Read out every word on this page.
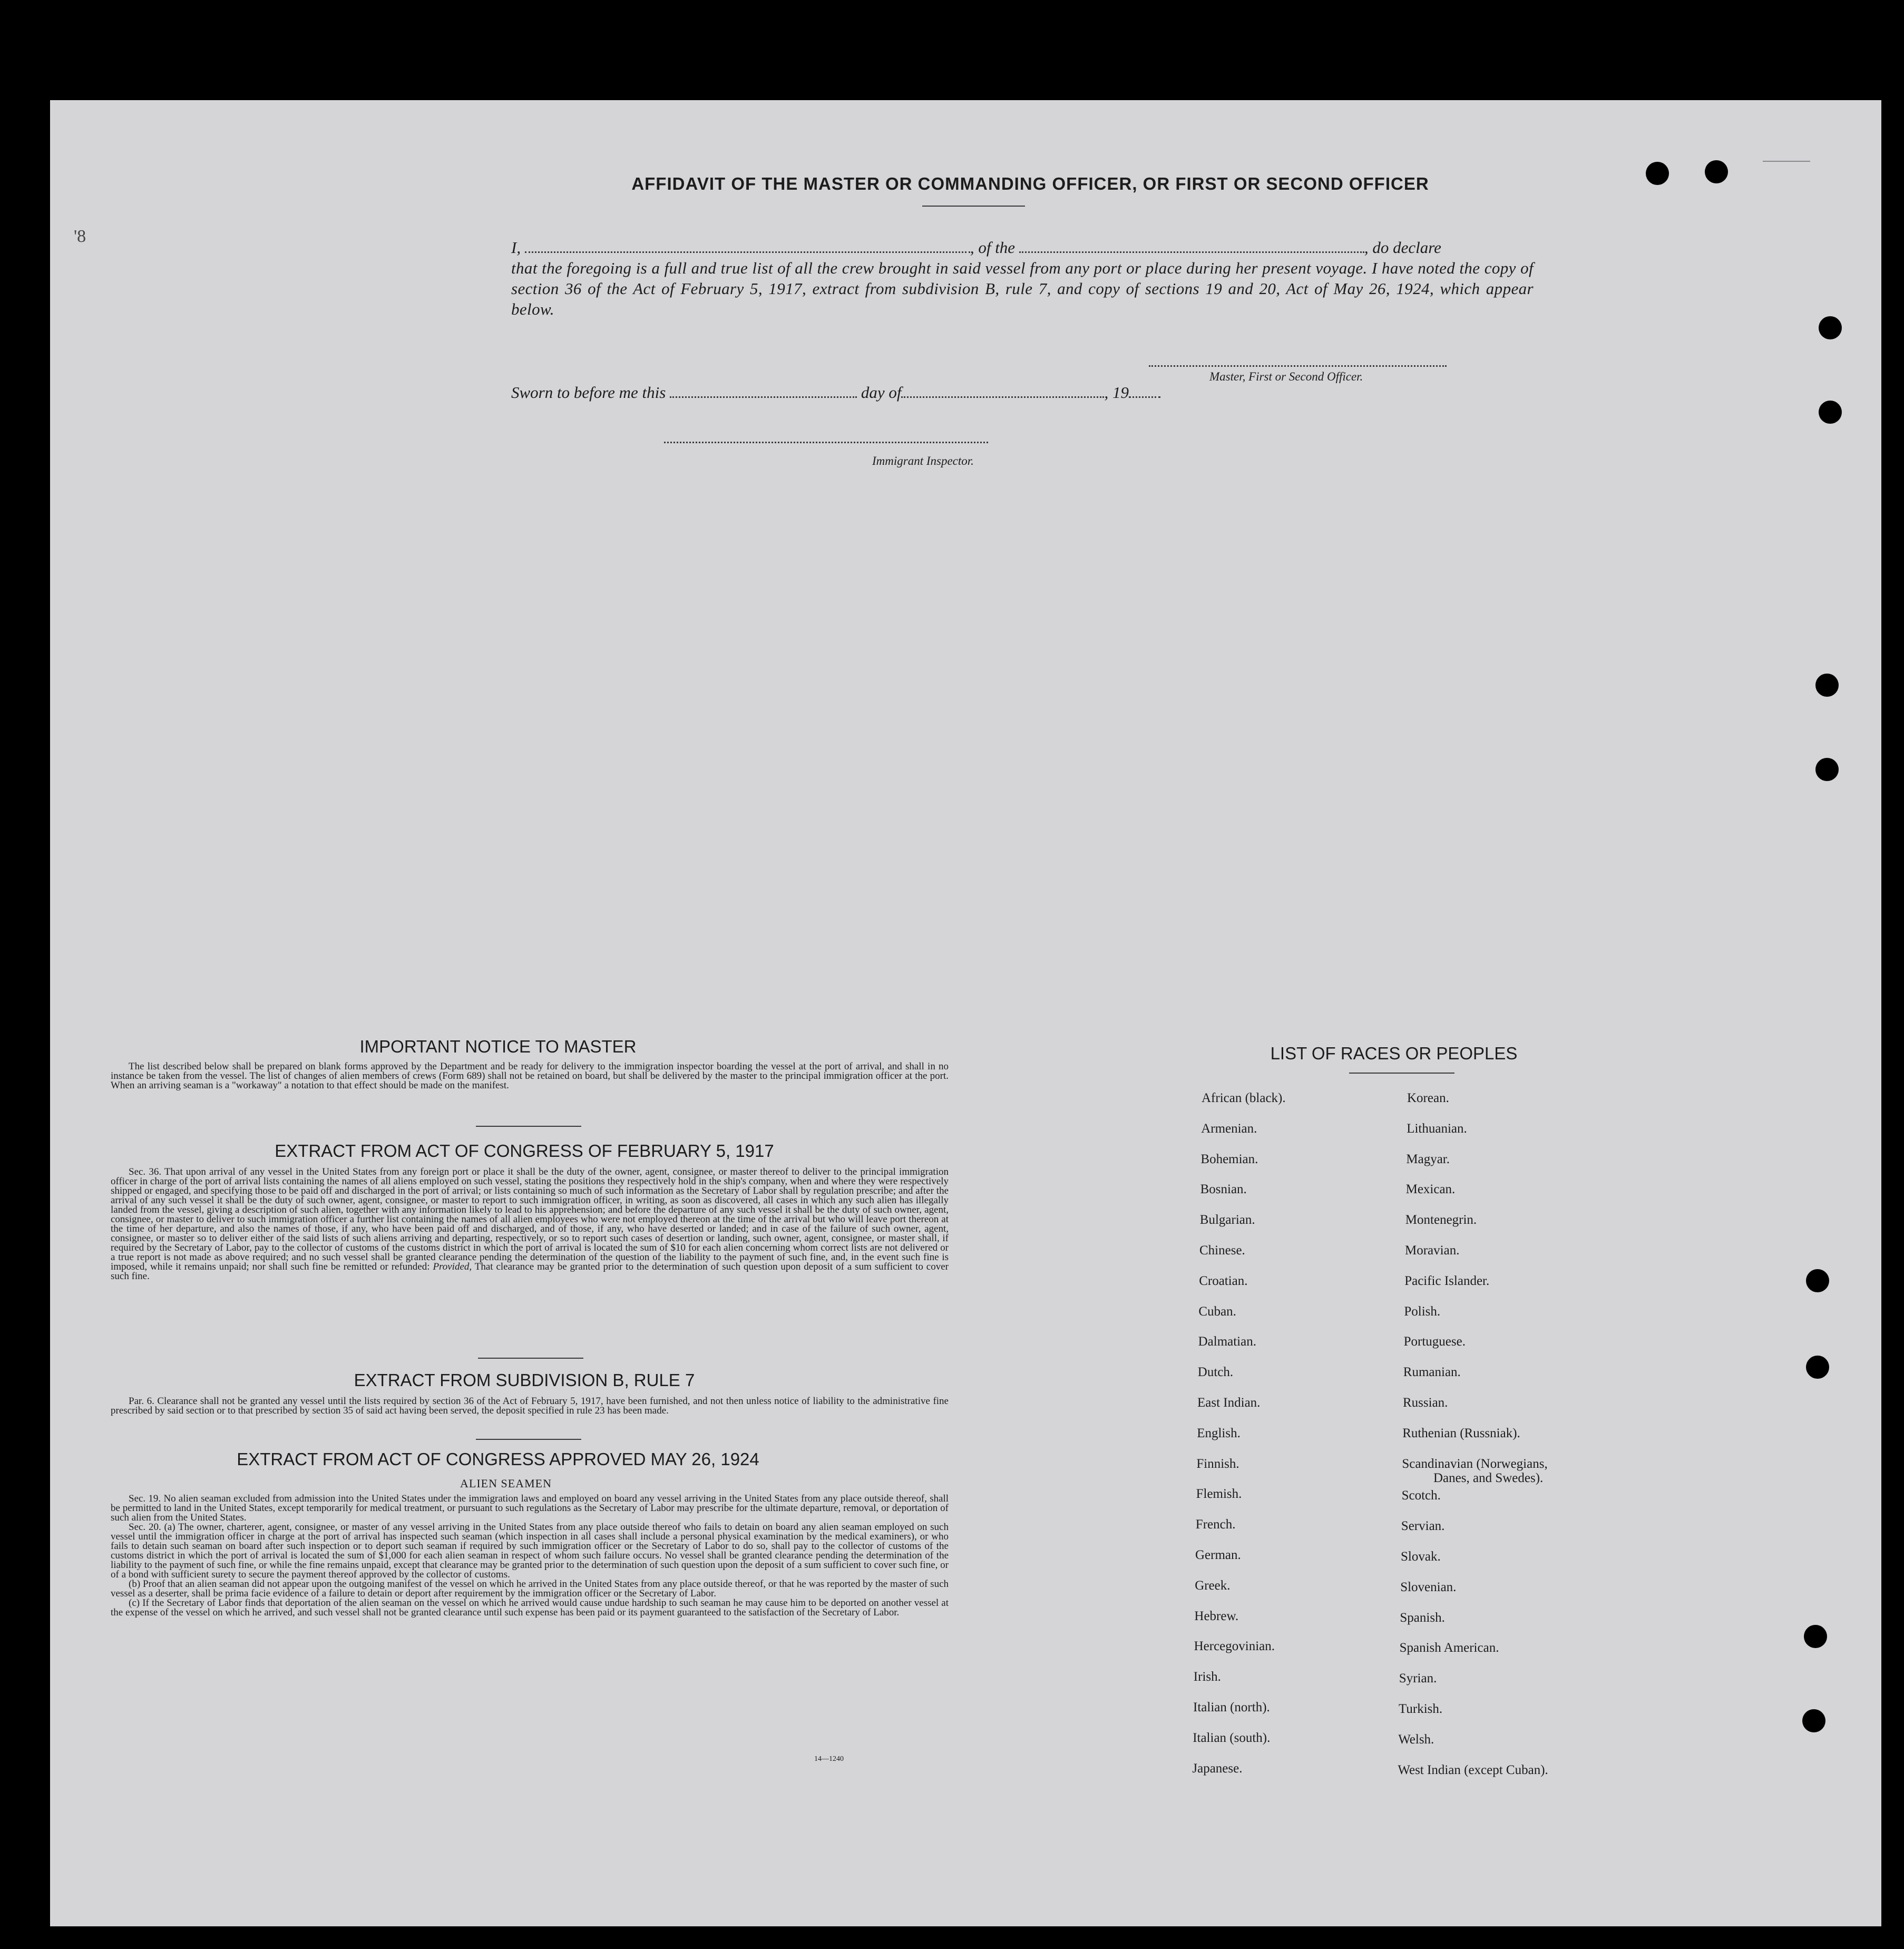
'8
AFFIDAVIT OF THE MASTER OR COMMANDING OFFICER, OR FIRST OR SECOND OFFICER

I,	, of the	, do declare

that the foregoing is a full and true list of all the crew brought in said vessel from any port or place during her present voyage. I have noted the copy of section 36 of the Act of February 5, 1917, extract from subdivision B, rule 7, and copy of sections 19 and 20, Act of May 26, 1924, which appear below.

Master, First or Second Officer.
Sworn to before me this	day of	, 19
Immigrant Inspector.
IMPORTANT NOTICE TO MASTER

The list described below shall be prepared on blank forms approved by the Department and be ready for delivery to the immigration inspector boarding the vessel at the port of arrival, and shall in no instance be taken from the vessel. The list of changes of alien members of crews (Form 689) shall not be retained on board, but shall be delivered by the master to the principal immigration officer at the port. When an arriving seaman is a "workaway" a notation to that effect should be made on the manifest.

EXTRACT FROM ACT OF CONGRESS OF FEBRUARY 5, 1917

Sec. 36. That upon arrival of any vessel in the United States from any foreign port or place it shall be the duty of the owner, agent, consignee, or master thereof to deliver to the principal immigration officer in charge of the port of arrival lists containing the names of all aliens employed on such vessel, stating the positions they respectively hold in the ship's company, when and where they were respectively shipped or engaged, and specifying those to be paid off and discharged in the port of arrival; or lists containing so much of such information as the Secretary of Labor shall by regulation prescribe; and after the arrival of any such vessel it shall be the duty of such owner, agent, consignee, or master to report to such immigration officer, in writing, as soon as discovered, all cases in which any such alien has illegally landed from the vessel, giving a description of such alien, together with any information likely to lead to his apprehension; and before the departure of any such vessel it shall be the duty of such owner, agent, consignee, or master to deliver to such immigration officer a further list containing the names of all alien employees who were not employed thereon at the time of the arrival but who will leave port thereon at the time of her departure, and also the names of those, if any, who have been paid off and discharged, and of those, if any, who have deserted or landed; and in case of the failure of such owner, agent, consignee, or master so to deliver either of the said lists of such aliens arriving and departing, respectively, or so to report such cases of desertion or landing, such owner, agent, consignee, or master shall, if required by the Secretary of Labor, pay to the collector of customs of the customs district in which the port of arrival is located the sum of $10 for each alien concerning whom correct lists are not delivered or a true report is not made as above required; and no such vessel shall be granted clearance pending the determination of the question of the liability to the payment of such fine, and, in the event such fine is imposed, while it remains unpaid; nor shall such fine be remitted or refunded: Provided, That clearance may be granted prior to the determination of such question upon deposit of a sum sufficient to cover such fine.

EXTRACT FROM SUBDIVISION B, RULE 7

Par. 6. Clearance shall not be granted any vessel until the lists required by section 36 of the Act of February 5, 1917, have been furnished, and not then unless notice of liability to the administrative fine prescribed by said section or to that prescribed by section 35 of said act having been served, the deposit specified in rule 23 has been made.

EXTRACT FROM ACT OF CONGRESS APPROVED MAY 26, 1924
ALIEN SEAMEN

Sec. 19. No alien seaman excluded from admission into the United States under the immigration laws and employed on board any vessel arriving in the United States from any place outside thereof, shall be permitted to land in the United States, except temporarily for medical treatment, or pursuant to such regulations as the Secretary of Labor may prescribe for the ultimate departure, removal, or deportation of such alien from the United States.

Sec. 20. (a) The owner, charterer, agent, consignee, or master of any vessel arriving in the United States from any place outside thereof who fails to detain on board any alien seaman employed on such vessel until the immigration officer in charge at the port of arrival has inspected such seaman (which inspection in all cases shall include a personal physical examination by the medical examiners), or who fails to detain such seaman on board after such inspection or to deport such seaman if required by such immigration officer or the Secretary of Labor to do so, shall pay to the collector of customs of the customs district in which the port of arrival is located the sum of $1,000 for each alien seaman in respect of whom such failure occurs. No vessel shall be granted clearance pending the determination of the liability to the payment of such fine, or while the fine remains unpaid, except that clearance may be granted prior to the determination of such question upon the deposit of a sum sufficient to cover such fine, or of a bond with sufficient surety to secure the payment thereof approved by the collector of customs.

(b) Proof that an alien seaman did not appear upon the outgoing manifest of the vessel on which he arrived in the United States from any place outside thereof, or that he was reported by the master of such vessel as a deserter, shall be prima facie evidence of a failure to detain or deport after requirement by the immigration officer or the Secretary of Labor.

(c) If the Secretary of Labor finds that deportation of the alien seaman on the vessel on which he arrived would cause undue hardship to such seaman he may cause him to be deported on another vessel at the expense of the vessel on which he arrived, and such vessel shall not be granted clearance until such expense has been paid or its payment guaranteed to the satisfaction of the Secretary of Labor.

14—1240
LIST OF RACES OR PEOPLES
African (black).
Armenian.
Bohemian.
Bosnian.
Bulgarian.
Chinese.
Croatian.
Cuban.
Dalmatian.
Dutch.
East Indian.
English.
Finnish.
Flemish.
French.
German.
Greek.
Hebrew.
Hercegovinian.
Irish.
Italian (north).
Italian (south).
Japanese.
Korean.
Lithuanian.
Magyar.
Mexican.
Montenegrin.
Moravian.
Pacific Islander.
Polish.
Portuguese.
Rumanian.
Russian.
Ruthenian (Russniak).
Scandinavian (Norwegians,
Danes, and Swedes).
Scotch.
Servian.
Slovak.
Slovenian.
Spanish.
Spanish American.
Syrian.
Turkish.
Welsh.
West Indian (except Cuban).
